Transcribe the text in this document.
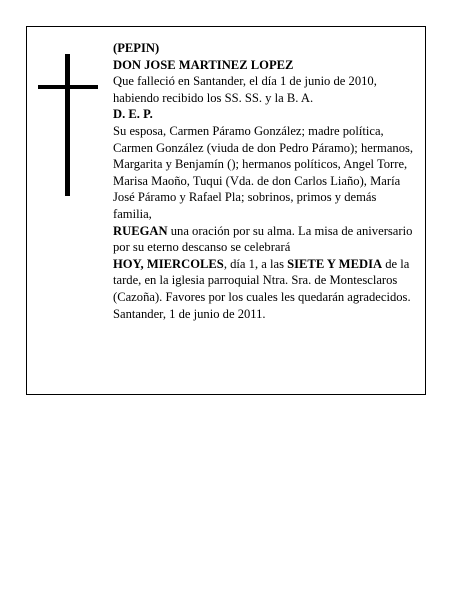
(PEPIN)

DON JOSE MARTINEZ LOPEZ

Que falleció en Santander, el día 1 de junio de 2010, habiendo recibido los SS. SS. y la B. A.

D. E. P.

Su esposa, Carmen Páramo González; madre política, Carmen González (viuda de don Pedro Páramo); hermanos, Margarita y Benjamín (); hermanos políticos, Angel Torre, Marisa Maoño, Tuqui (Vda. de don Carlos Liaño), María José Páramo y Rafael Pla; sobrinos, primos y demás familia,

RUEGAN una oración por su alma. La misa de aniversario por su eterno descanso se celebrará

HOY, MIERCOLES, día 1, a las SIETE Y MEDIA de la tarde, en la iglesia parroquial Ntra. Sra. de Montesclaros (Cazoña). Favores por los cuales les quedarán agradecidos.

Santander, 1 de junio de 2011.
